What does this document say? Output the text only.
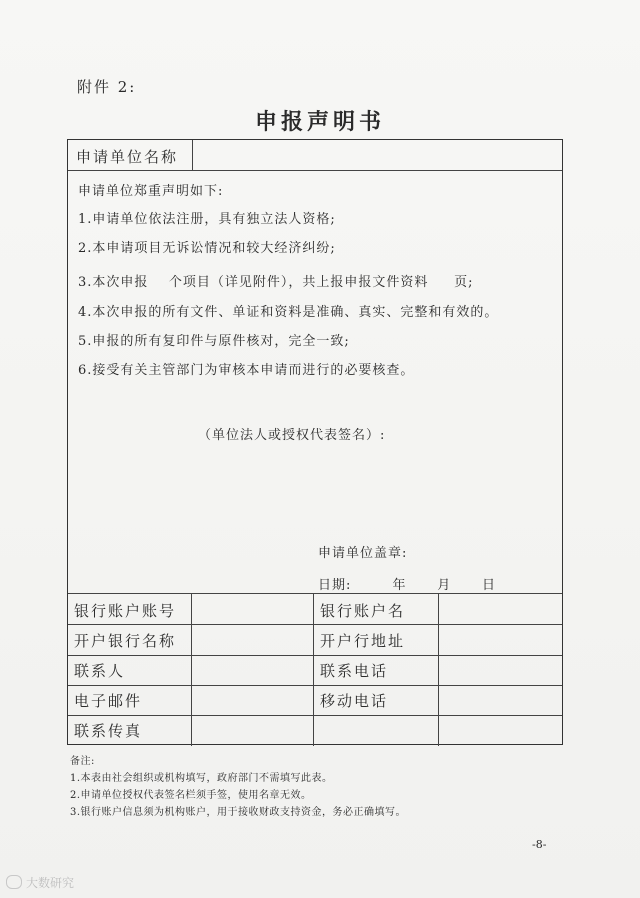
附件 2:
申报声明书
申请单位名称
申请单位郑重声明如下:
1.申请单位依法注册，具有独立法人资格;
2.本申请项目无诉讼情况和较大经济纠纷;
3.本次申报    个项目（详见附件），共上报申报文件资料     页;
4.本次申报的所有文件、单证和资料是准确、真实、完整和有效的。
5.申报的所有复印件与原件核对，完全一致;
6.接受有关主管部门为审核本申请而进行的必要核查。
（单位法人或授权代表签名）:
申请单位盖章:
日期:        年      月      日
银行账户账号	银行账户名
开户银行名称	开户行地址
联系人	联系电话
电子邮件	移动电话
联系传真
备注:
1.本表由社会组织或机构填写，政府部门不需填写此表。
2.申请单位授权代表签名栏须手签，使用名章无效。
3.银行账户信息须为机构账户，用于接收财政支持资金，务必正确填写。
-8-
大数研究
